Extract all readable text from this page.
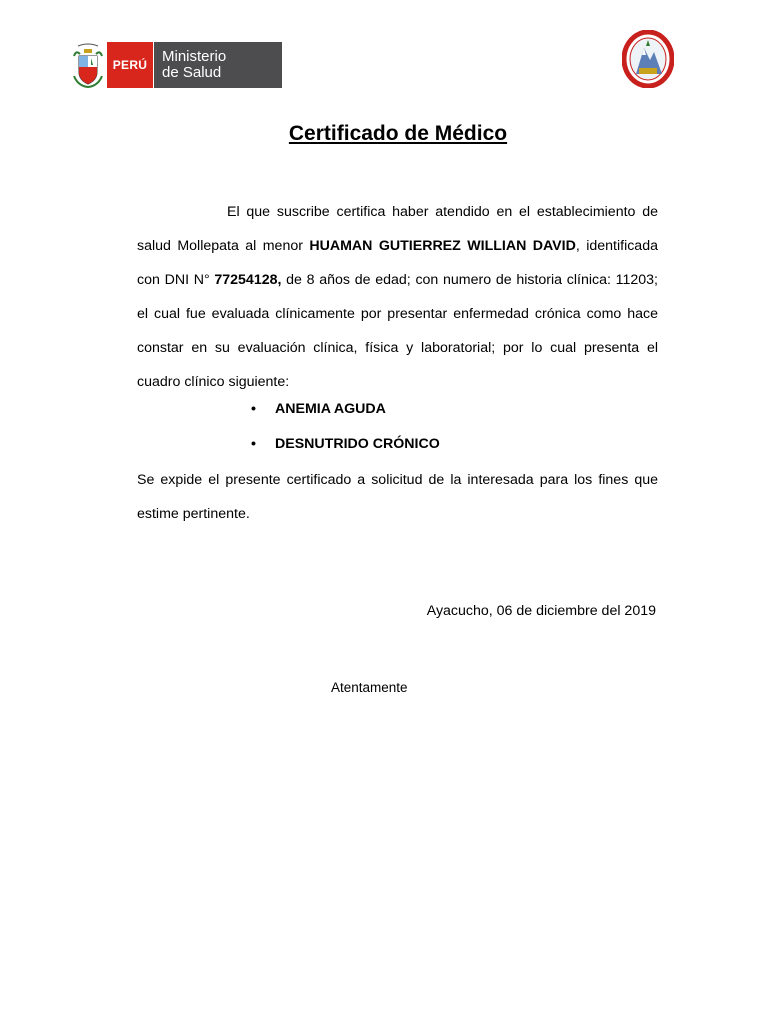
PERÚ Ministerio
de Salud
Certificado de Médico

El que suscribe certifica haber atendido en el establecimiento de salud Mollepata al menor HUAMAN GUTIERREZ WILLIAN DAVID, identificada con DNI N° 77254128, de 8 años de edad; con numero de historia clínica: 11203; el cual fue evaluada clínicamente por presentar enfermedad crónica como hace constar en su evaluación clínica, física y laboratorial; por lo cual presenta el cuadro clínico siguiente:

• ANEMIA AGUDA
• DESNUTRIDO CRÓNICO

Se expide el presente certificado a solicitud de la interesada para los fines que estime pertinente.

Ayacucho, 06 de diciembre del 2019

Atentamente
